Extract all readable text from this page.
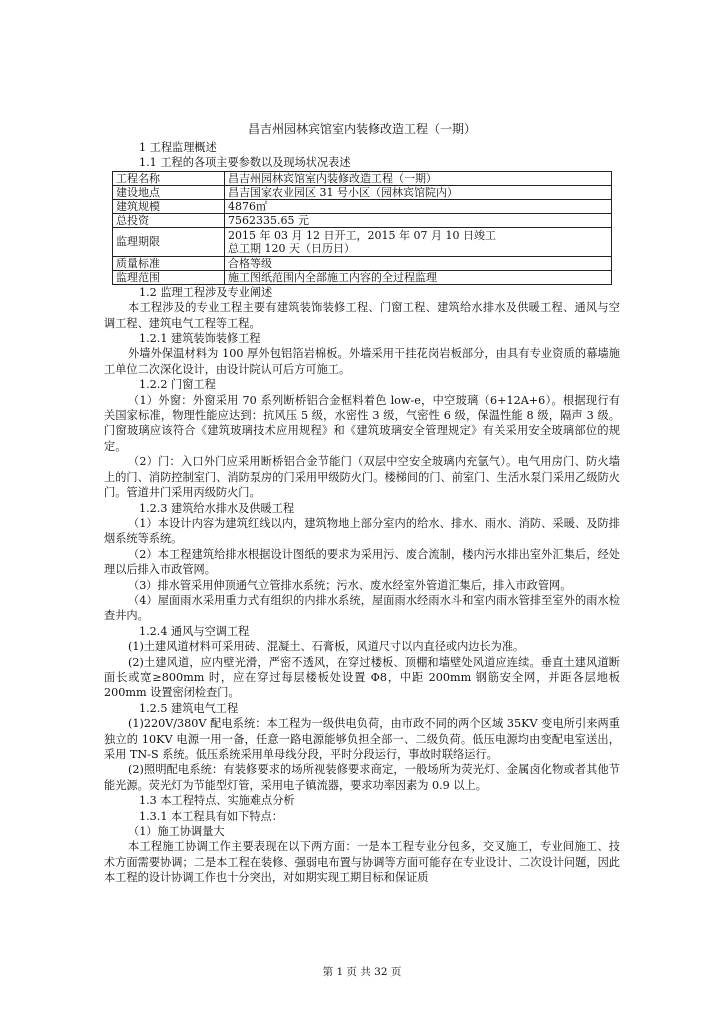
昌吉州园林宾馆室内装修改造工程（一期）
1 工程监理概述
1.1 工程的各项主要参数以及现场状况表述
工程名称	昌吉州园林宾馆室内装修改造工程（一期）
建设地点	昌吉国家农业园区 31 号小区（园林宾馆院内）
建筑规模	4876㎡
总投资	7562335.65 元
监理期限	2015 年 03 月 12 日开工，2015 年 07 月 10 日竣工
总工期 120 天（日历日）

质量标准	合格等级
监理范围	施工图纸范围内全部施工内容的全过程监理
1.2 监理工程涉及专业阐述

本工程涉及的专业工程主要有建筑装饰装修工程、门窗工程、建筑给水排水及供暖工程、通风与空调工程、建筑电气工程等工程。

1.2.1 建筑装饰装修工程

外墙外保温材料为 100 厚外包铝箔岩棉板。外墙采用干挂花岗岩板部分，由具有专业资质的幕墙施工单位二次深化设计，由设计院认可后方可施工。

1.2.2 门窗工程

（1）外窗：外窗采用 70 系列断桥铝合金框料着色 low-e，中空玻璃（6+12A+6）。根据现行有关国家标准，物理性能应达到：抗风压 5 级，水密性 3 级，气密性 6 级，保温性能 8 级，隔声 3 级。门窗玻璃应该符合《建筑玻璃技术应用规程》和《建筑玻璃安全管理规定》有关采用安全玻璃部位的规定。

（2）门：入口外门应采用断桥铝合金节能门（双层中空安全玻璃内充氩气）。电气用房门、防火墙上的门、消防控制室门、消防泵房的门采用甲级防火门。楼梯间的门、前室门、生活水泵门采用乙级防火门。管道井门采用丙级防火门。

1.2.3 建筑给水排水及供暖工程

（1）本设计内容为建筑红线以内，建筑物地上部分室内的给水、排水、雨水、消防、采暖、及防排烟系统等系统。

（2）本工程建筑给排水根据设计图纸的要求为采用污、废合流制，楼内污水排出室外汇集后，经处理以后排入市政管网。

（3）排水管采用伸顶通气立管排水系统；污水、废水经室外管道汇集后，排入市政管网。

（4）屋面雨水采用重力式有组织的内排水系统，屋面雨水经雨水斗和室内雨水管排至室外的雨水检查井内。

1.2.4 通风与空调工程

(1)土建风道材料可采用砖、混凝土、石膏板，风道尺寸以内直径或内边长为准。

(2)土建风道，应内壁光滑，严密不透风，在穿过楼板、顶棚和墙壁处风道应连续。垂直土建风道断面长或宽≥800mm 时，应在穿过每层楼板处设置 Φ8，中距 200mm 钢筋安全网，并距各层地板 200mm 设置密闭检查门。

1.2.5 建筑电气工程

(1)220V/380V 配电系统：本工程为一级供电负荷，由市政不同的两个区域 35KV 变电所引来两重独立的 10KV 电源一用一备，任意一路电源能够负担全部一、二级负荷。低压电源均由变配电室送出，采用 TN-S 系统。低压系统采用单母线分段，平时分段运行，事故时联络运行。

(2)照明配电系统：有装修要求的场所视装修要求商定，一般场所为荧光灯、金属卤化物或者其他节能光源。荧光灯为节能型灯管，采用电子镇流器，要求功率因素为 0.9 以上。

1.3 本工程特点、实施难点分析
1.3.1 本工程具有如下特点：

（1）施工协调量大

本工程施工协调工作主要表现在以下两方面：一是本工程专业分包多，交叉施工，专业间施工、技术方面需要协调；二是本工程在装修、强弱电布置与协调等方面可能存在专业设计、二次设计问题，因此本工程的设计协调工作也十分突出，对如期实现工期目标和保证质

第 1 页 共 32 页
